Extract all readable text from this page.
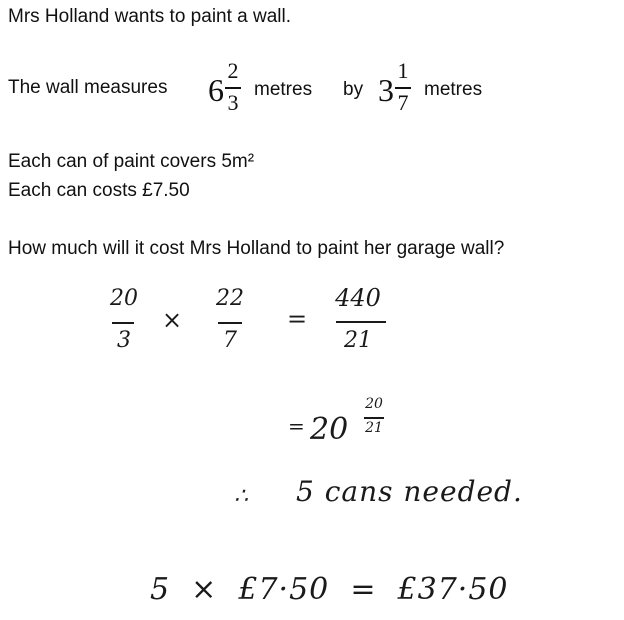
Mrs Holland wants to paint a wall.
The wall measures 6
2
3
metres by 3
1
7
metres
Each can of paint covers 5m²
Each can costs £7.50
How much will it cost Mrs Holland to paint her garage wall?
20
3
×
22
7
=
440
21
= 20
20
21
∴ 5 cans needed.
5  ×  £7·50  =  £37·50
